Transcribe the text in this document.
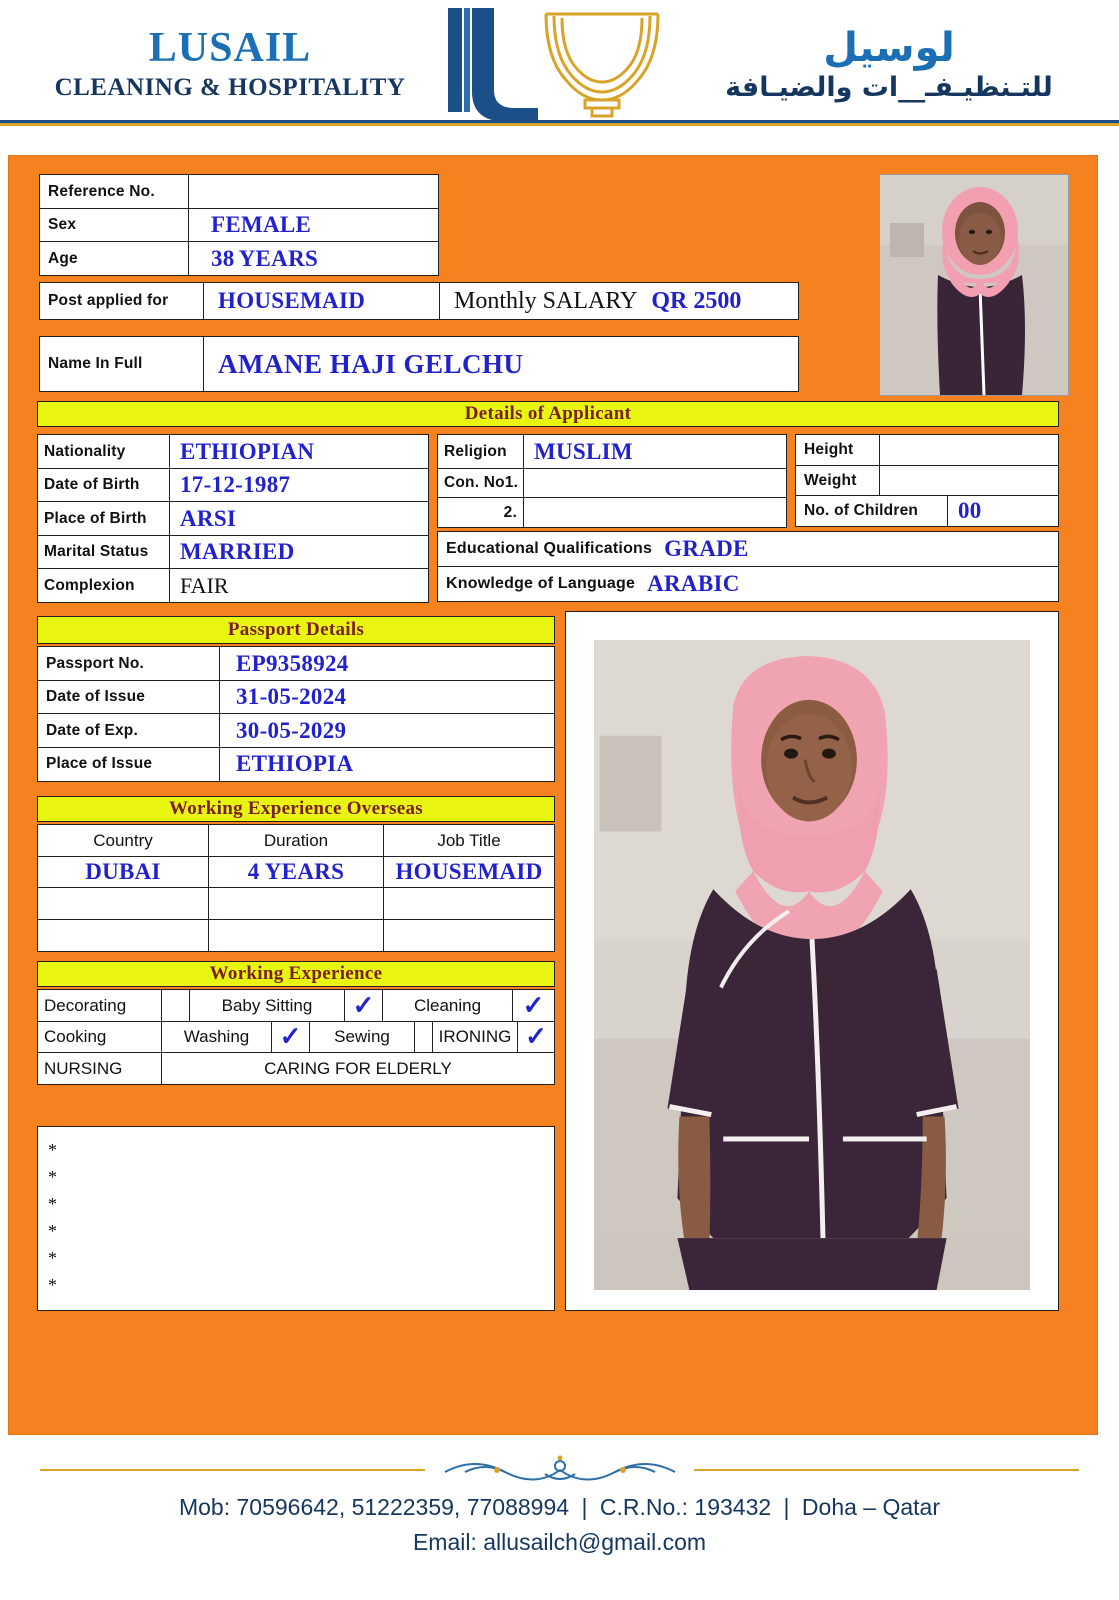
LUSAIL
CLEANING & HOSPITALITY
لوسيل
للتـنظيـفـ__ات والضيـافة
Reference No.
Sex	FEMALE
Age	38 YEARS
Post applied for	HOUSEMAID	Monthly SALARY QR 2500
Name In Full	AMANE HAJI GELCHU
Details of Applicant
Nationality	ETHIOPIAN
Date of Birth	17-12-1987
Place of Birth	ARSI
Marital Status	MARRIED
Complexion	FAIR
Religion	MUSLIM
Con. No1.
2.
Height
Weight
No. of Children	00
Educational Qualifications GRADE
Knowledge of Language ARABIC
Passport Details
Passport No.	EP9358924
Date of Issue	31-05-2024
Date of Exp.	30-05-2029
Place of Issue	ETHIOPIA
Working Experience Overseas
Country	Duration	Job Title
DUBAI	4 YEARS	HOUSEMAID
Working Experience
Decorating	Baby Sitting	✓	Cleaning	✓
Cooking	Washing	✓	Sewing	IRONING ✓
NURSING	CARING FOR ELDERLY
*
*
*
*
*
*
Mob: 70596642, 51222359, 77088994 | C.R.No.: 193432 | Doha – Qatar
Email: allusailch@gmail.com
